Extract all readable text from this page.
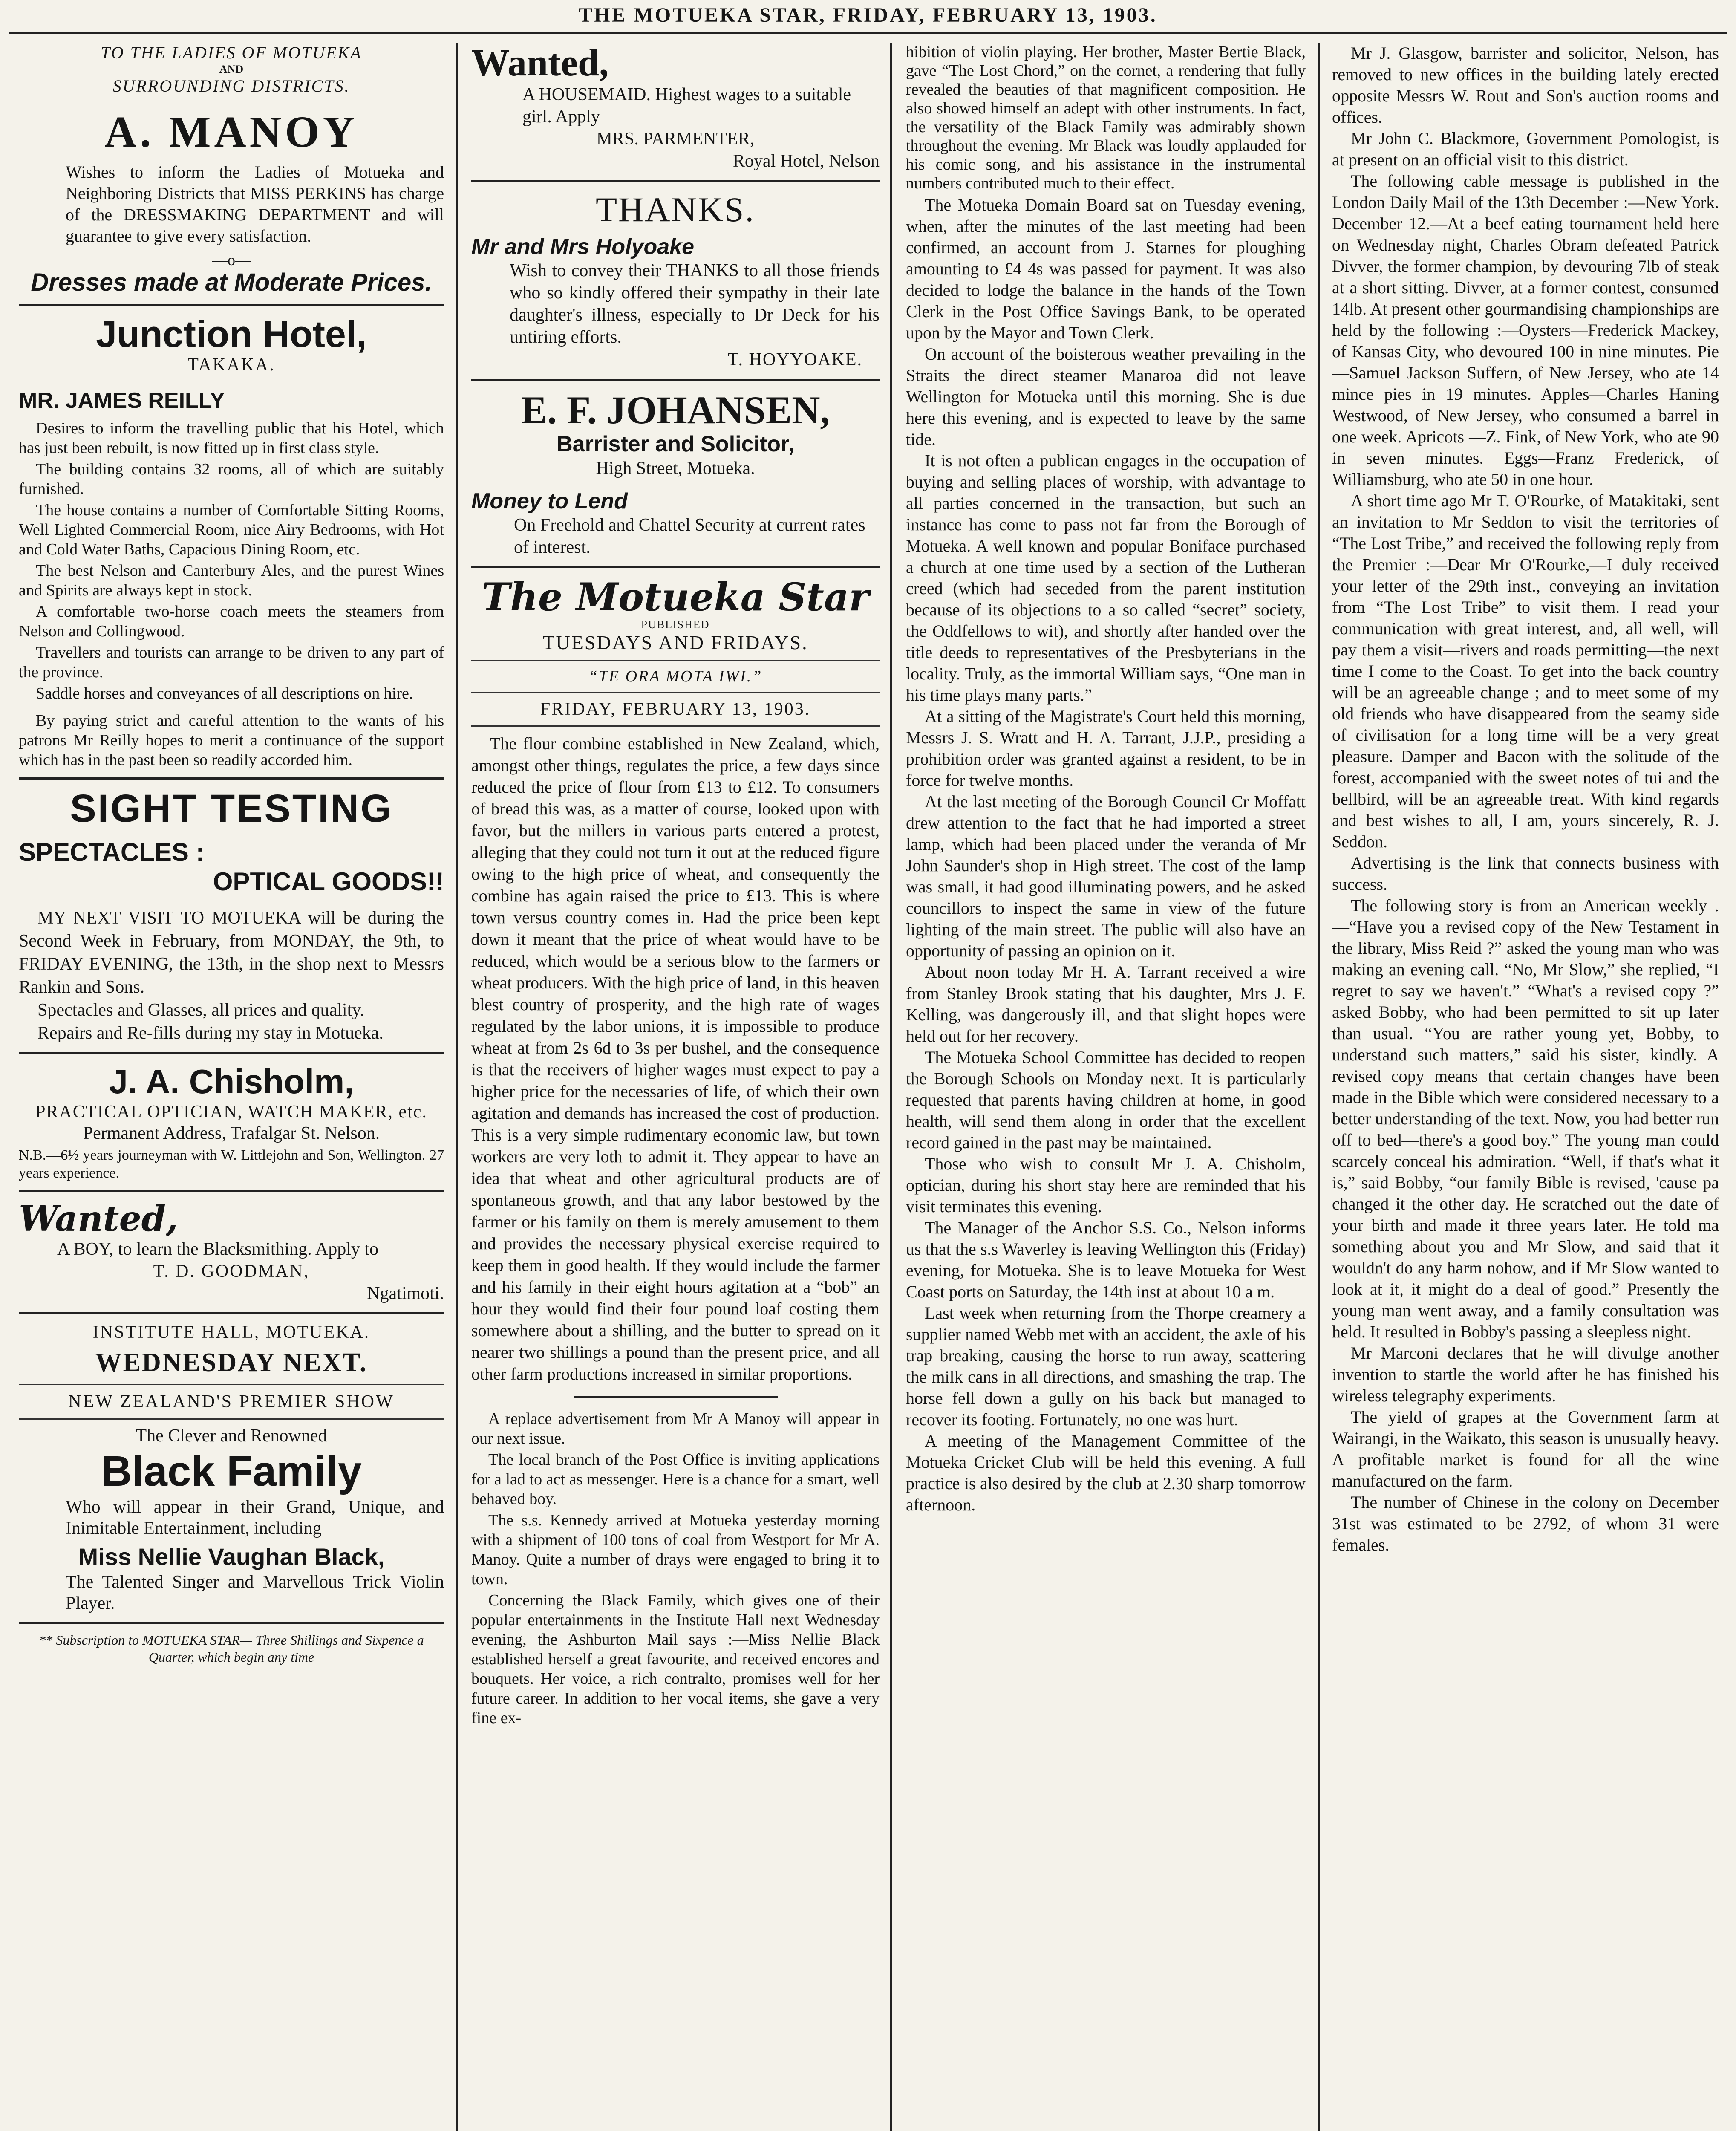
THE MOTUEKA STAR, FRIDAY, FEBRUARY 13, 1903.
TO THE LADIES OF MOTUEKA
AND
SURROUNDING DISTRICTS.
A. MANOY
Wishes to inform the Ladies of Motueka and Neighboring Districts that MISS PERKINS has charge of the DRESSMAKING DEPARTMENT and will guarantee to give every satisfaction.
—o—
Dresses made at Moderate Prices.
Junction Hotel,
TAKAKA.
MR. JAMES REILLY

Desires to inform the travelling public that his Hotel, which has just been rebuilt, is now fitted up in first class style.

The building contains 32 rooms, all of which are suitably furnished.

The house contains a number of Comfortable Sitting Rooms, Well Lighted Commercial Room, nice Airy Bedrooms, with Hot and Cold Water Baths, Capacious Dining Room, etc.

The best Nelson and Canterbury Ales, and the purest Wines and Spirits are always kept in stock.

A comfortable two-horse coach meets the steamers from Nelson and Collingwood.

Travellers and tourists can arrange to be driven to any part of the province.

Saddle horses and conveyances of all descriptions on hire.

By paying strict and careful attention to the wants of his patrons Mr Reilly hopes to merit a continuance of the support which has in the past been so readily accorded him.

SIGHT TESTING
SPECTACLES :
OPTICAL GOODS!!

MY NEXT VISIT TO MOTUEKA will be during the Second Week in February, from MONDAY, the 9th, to FRIDAY EVENING, the 13th, in the shop next to Messrs Rankin and Sons.

Spectacles and Glasses, all prices and quality.

Repairs and Re-fills during my stay in Motueka.

J. A. Chisholm,
PRACTICAL OPTICIAN, WATCH MAKER, etc.
Permanent Address, Trafalgar St. Nelson.
N.B.—6½ years journeyman with W. Littlejohn and Son, Wellington. 27 years experience.
Wanted,
A BOY, to learn the Blacksmithing. Apply to
T. D. GOODMAN,
Ngatimoti.
INSTITUTE HALL, MOTUEKA.
WEDNESDAY NEXT.
NEW ZEALAND'S PREMIER SHOW
The Clever and Renowned
Black Family
Who will appear in their Grand, Unique, and Inimitable Entertainment, including
Miss Nellie Vaughan Black,
The Talented Singer and Marvellous Trick Violin Player.
** Subscription to MOTUEKA STAR— Three Shillings and Sixpence a Quarter, which begin any time
Wanted,
A HOUSEMAID. Highest wages to a suitable girl. Apply
MRS. PARMENTER,
Royal Hotel, Nelson
THANKS.
Mr and Mrs Holyoake
Wish to convey their THANKS to all those friends who so kindly offered their sympathy in their late daughter's illness, especially to Dr Deck for his untiring efforts.
T. HOYYOAKE.
E. F. JOHANSEN,
Barrister and Solicitor,
High Street, Motueka.
Money to Lend
On Freehold and Chattel Security at current rates of interest.
The Motueka Star
PUBLISHED
TUESDAYS AND FRIDAYS.
“TE ORA MOTA IWI.”
FRIDAY, FEBRUARY 13, 1903.

The flour combine established in New Zealand, which, amongst other things, regulates the price, a few days since reduced the price of flour from £13 to £12. To consumers of bread this was, as a matter of course, looked upon with favor, but the millers in various parts entered a protest, alleging that they could not turn it out at the reduced figure owing to the high price of wheat, and consequently the combine has again raised the price to £13. This is where town versus country comes in. Had the price been kept down it meant that the price of wheat would have to be reduced, which would be a serious blow to the farmers or wheat producers. With the high price of land, in this heaven blest country of prosperity, and the high rate of wages regulated by the labor unions, it is impossible to produce wheat at from 2s 6d to 3s per bushel, and the consequence is that the receivers of higher wages must expect to pay a higher price for the necessaries of life, of which their own agitation and demands has increased the cost of production. This is a very simple rudimentary economic law, but town workers are very loth to admit it. They appear to have an idea that wheat and other agricultural products are of spontaneous growth, and that any labor bestowed by the farmer or his family on them is merely amusement to them and provides the necessary physical exercise required to keep them in good health. If they would include the farmer and his family in their eight hours agitation at a “bob” an hour they would find their four pound loaf costing them somewhere about a shilling, and the butter to spread on it nearer two shillings a pound than the present price, and all other farm productions increased in similar proportions.

A replace advertisement from Mr A Manoy will appear in our next issue.

The local branch of the Post Office is inviting applications for a lad to act as messenger. Here is a chance for a smart, well behaved boy.

The s.s. Kennedy arrived at Motueka yesterday morning with a shipment of 100 tons of coal from Westport for Mr A. Manoy. Quite a number of drays were engaged to bring it to town.

Concerning the Black Family, which gives one of their popular entertainments in the Institute Hall next Wednesday evening, the Ashburton Mail says :—Miss Nellie Black established herself a great favourite, and received encores and bouquets. Her voice, a rich contralto, promises well for her future career. In addition to her vocal items, she gave a very fine ex-

hibition of violin playing. Her brother, Master Bertie Black, gave “The Lost Chord,” on the cornet, a rendering that fully revealed the beauties of that magnificent composition. He also showed himself an adept with other instruments. In fact, the versatility of the Black Family was admirably shown throughout the evening. Mr Black was loudly applauded for his comic song, and his assistance in the instrumental numbers contributed much to their effect.

The Motueka Domain Board sat on Tuesday evening, when, after the minutes of the last meeting had been confirmed, an account from J. Starnes for ploughing amounting to £4 4s was passed for payment. It was also decided to lodge the balance in the hands of the Town Clerk in the Post Office Savings Bank, to be operated upon by the Mayor and Town Clerk.

On account of the boisterous weather prevailing in the Straits the direct steamer Manaroa did not leave Wellington for Motueka until this morning. She is due here this evening, and is expected to leave by the same tide.

It is not often a publican engages in the occupation of buying and selling places of worship, with advantage to all parties concerned in the transaction, but such an instance has come to pass not far from the Borough of Motueka. A well known and popular Boniface purchased a church at one time used by a section of the Lutheran creed (which had seceded from the parent institution because of its objections to a so called “secret” society, the Oddfellows to wit), and shortly after handed over the title deeds to representatives of the Presbyterians in the locality. Truly, as the immortal William says, “One man in his time plays many parts.”

At a sitting of the Magistrate's Court held this morning, Messrs J. S. Wratt and H. A. Tarrant, J.J.P., presiding a prohibition order was granted against a resident, to be in force for twelve months.

At the last meeting of the Borough Council Cr Moffatt drew attention to the fact that he had imported a street lamp, which had been placed under the veranda of Mr John Saunder's shop in High street. The cost of the lamp was small, it had good illuminating powers, and he asked councillors to inspect the same in view of the future lighting of the main street. The public will also have an opportunity of passing an opinion on it.

About noon today Mr H. A. Tarrant received a wire from Stanley Brook stating that his daughter, Mrs J. F. Kelling, was dangerously ill, and that slight hopes were held out for her recovery.

The Motueka School Committee has decided to reopen the Borough Schools on Monday next. It is particularly requested that parents having children at home, in good health, will send them along in order that the excellent record gained in the past may be maintained.

Those who wish to consult Mr J. A. Chisholm, optician, during his short stay here are reminded that his visit terminates this evening.

The Manager of the Anchor S.S. Co., Nelson informs us that the s.s Waverley is leaving Wellington this (Friday) evening, for Motueka. She is to leave Motueka for West Coast ports on Saturday, the 14th inst at about 10 a m.

Last week when returning from the Thorpe creamery a supplier named Webb met with an accident, the axle of his trap breaking, causing the horse to run away, scattering the milk cans in all directions, and smashing the trap. The horse fell down a gully on his back but managed to recover its footing. Fortunately, no one was hurt.

A meeting of the Management Committee of the Motueka Cricket Club will be held this evening. A full practice is also desired by the club at 2.30 sharp tomorrow afternoon.

Mr J. Glasgow, barrister and solicitor, Nelson, has removed to new offices in the building lately erected opposite Messrs W. Rout and Son's auction rooms and offices.

Mr John C. Blackmore, Government Pomologist, is at present on an official visit to this district.

The following cable message is published in the London Daily Mail of the 13th December :—New York. December 12.—At a beef eating tournament held here on Wednesday night, Charles Obram defeated Patrick Divver, the former champion, by devouring 7lb of steak at a short sitting. Divver, at a former contest, consumed 14lb. At present other gourmandising championships are held by the following :—Oysters—Frederick Mackey, of Kansas City, who devoured 100 in nine minutes. Pie—Samuel Jackson Suffern, of New Jersey, who ate 14 mince pies in 19 minutes. Apples—Charles Haning Westwood, of New Jersey, who consumed a barrel in one week. Apricots —Z. Fink, of New York, who ate 90 in seven minutes. Eggs—Franz Frederick, of Williamsburg, who ate 50 in one hour.

A short time ago Mr T. O'Rourke, of Matakitaki, sent an invitation to Mr Seddon to visit the territories of “The Lost Tribe,” and received the following reply from the Premier :—Dear Mr O'Rourke,—I duly received your letter of the 29th inst., conveying an invitation from “The Lost Tribe” to visit them. I read your communication with great interest, and, all well, will pay them a visit—rivers and roads permitting—the next time I come to the Coast. To get into the back country will be an agreeable change ; and to meet some of my old friends who have disappeared from the seamy side of civilisation for a long time will be a very great pleasure. Damper and Bacon with the solitude of the forest, accompanied with the sweet notes of tui and the bellbird, will be an agreeable treat. With kind regards and best wishes to all, I am, yours sincerely, R. J. Seddon.

Advertising is the link that connects business with success.

The following story is from an American weekly .—“Have you a revised copy of the New Testament in the library, Miss Reid ?” asked the young man who was making an evening call. “No, Mr Slow,” she replied, “I regret to say we haven't.” “What's a revised copy ?” asked Bobby, who had been permitted to sit up later than usual. “You are rather young yet, Bobby, to understand such matters,” said his sister, kindly. A revised copy means that certain changes have been made in the Bible which were considered necessary to a better understanding of the text. Now, you had better run off to bed—there's a good boy.” The young man could scarcely conceal his admiration. “Well, if that's what it is,” said Bobby, “our family Bible is revised, 'cause pa changed it the other day. He scratched out the date of your birth and made it three years later. He told ma something about you and Mr Slow, and said that it wouldn't do any harm nohow, and if Mr Slow wanted to look at it, it might do a deal of good.” Presently the young man went away, and a family consultation was held. It resulted in Bobby's passing a sleepless night.

Mr Marconi declares that he will divulge another invention to startle the world after he has finished his wireless telegraphy experiments.

The yield of grapes at the Government farm at Wairangi, in the Waikato, this season is unusually heavy. A profitable market is found for all the wine manufactured on the farm.

The number of Chinese in the colony on December 31st was estimated to be 2792, of whom 31 were females.
